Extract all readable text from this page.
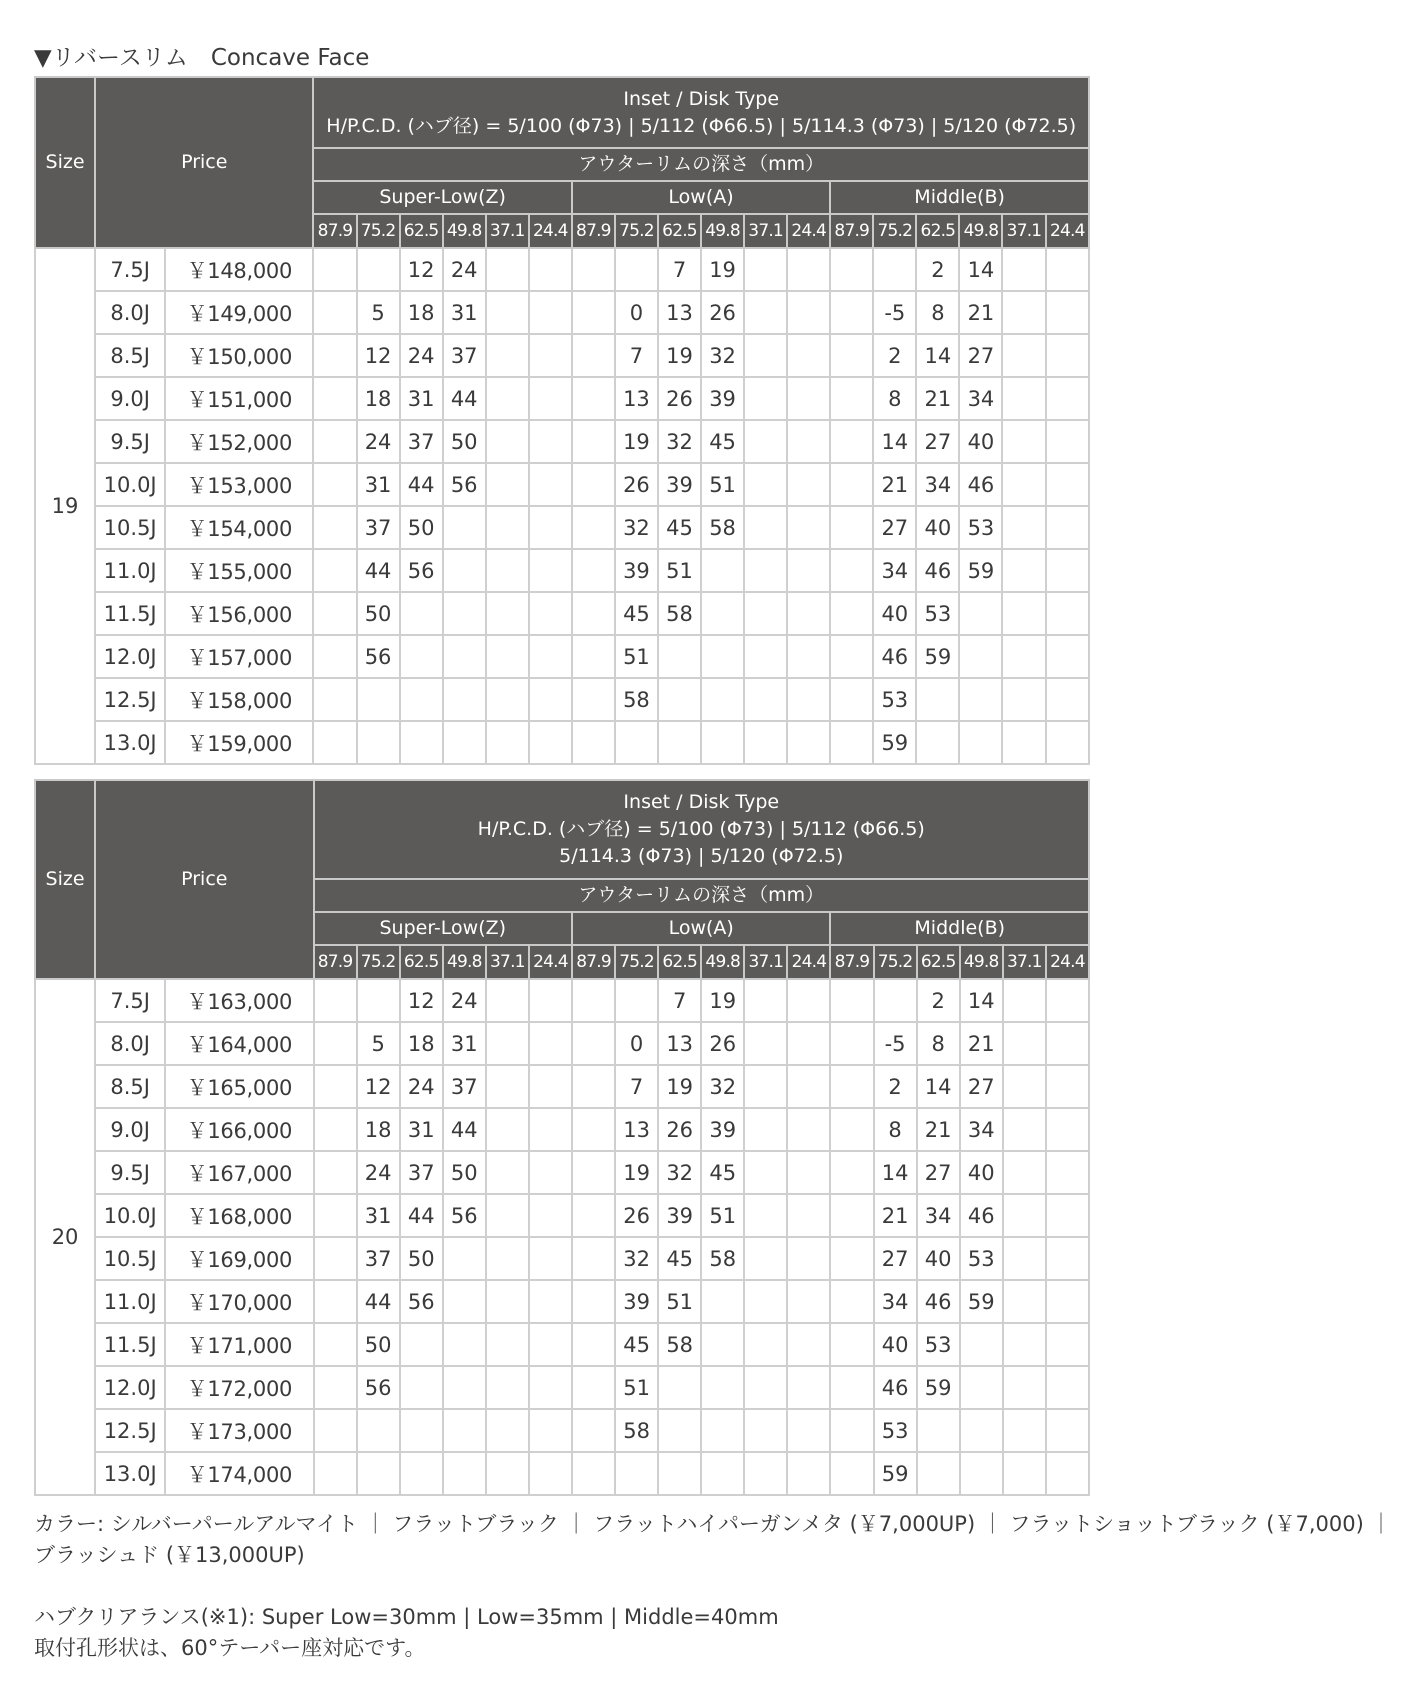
▼リバースリム　Concave Face
Size	Price		Inset / Disk Type
H/P.C.D. (ハブ径) = 5/100 (Φ73) | 5/112 (Φ66.5) | 5/114.3 (Φ73) | 5/120 (Φ72.5)																	

			アウターリムの深さ（mm）																	
			Super-Low(Z)						Low(A)						Middle(B)					
			87.9	75.2	62.5	49.8	37.1	24.4	87.9	75.2	62.5	49.8	37.1	24.4	87.9	75.2	62.5	49.8	37.1	24.4
19	7.5J	￥148,000			12	24					7	19					2	14		
	8.0J	￥149,000		5	18	31				0	13	26				-5	8	21		
	8.5J	￥150,000		12	24	37				7	19	32				2	14	27		
	9.0J	￥151,000		18	31	44				13	26	39				8	21	34		
	9.5J	￥152,000		24	37	50				19	32	45				14	27	40		
	10.0J	￥153,000		31	44	56				26	39	51				21	34	46		
	10.5J	￥154,000		37	50					32	45	58				27	40	53		
	11.0J	￥155,000		44	56					39	51					34	46	59		
	11.5J	￥156,000		50						45	58					40	53			
	12.0J	￥157,000		56						51						46	59			
	12.5J	￥158,000								58						53				
	13.0J	￥159,000														59				
Size	Price		Inset / Disk Type
H/P.C.D. (ハブ径) = 5/100 (Φ73) | 5/112 (Φ66.5)
5/114.3 (Φ73) | 5/120 (Φ72.5)																	

			アウターリムの深さ（mm）																	
			Super-Low(Z)						Low(A)						Middle(B)					
			87.9	75.2	62.5	49.8	37.1	24.4	87.9	75.2	62.5	49.8	37.1	24.4	87.9	75.2	62.5	49.8	37.1	24.4
20	7.5J	￥163,000			12	24					7	19					2	14		
	8.0J	￥164,000		5	18	31				0	13	26				-5	8	21		
	8.5J	￥165,000		12	24	37				7	19	32				2	14	27		
	9.0J	￥166,000		18	31	44				13	26	39				8	21	34		
	9.5J	￥167,000		24	37	50				19	32	45				14	27	40		
	10.0J	￥168,000		31	44	56				26	39	51				21	34	46		
	10.5J	￥169,000		37	50					32	45	58				27	40	53		
	11.0J	￥170,000		44	56					39	51					34	46	59		
	11.5J	￥171,000		50						45	58					40	53			
	12.0J	￥172,000		56						51						46	59			
	12.5J	￥173,000								58						53				
	13.0J	￥174,000														59				
カラー: シルバーパールアルマイト ｜ フラットブラック ｜ フラットハイパーガンメタ (￥7,000UP) ｜ フラットショットブラック (￥7,000) ｜
ブラッシュド (￥13,000UP)
ハブクリアランス(※1): Super Low=30mm | Low=35mm | Middle=40mm
取付孔形状は、60°テーパー座対応です。
